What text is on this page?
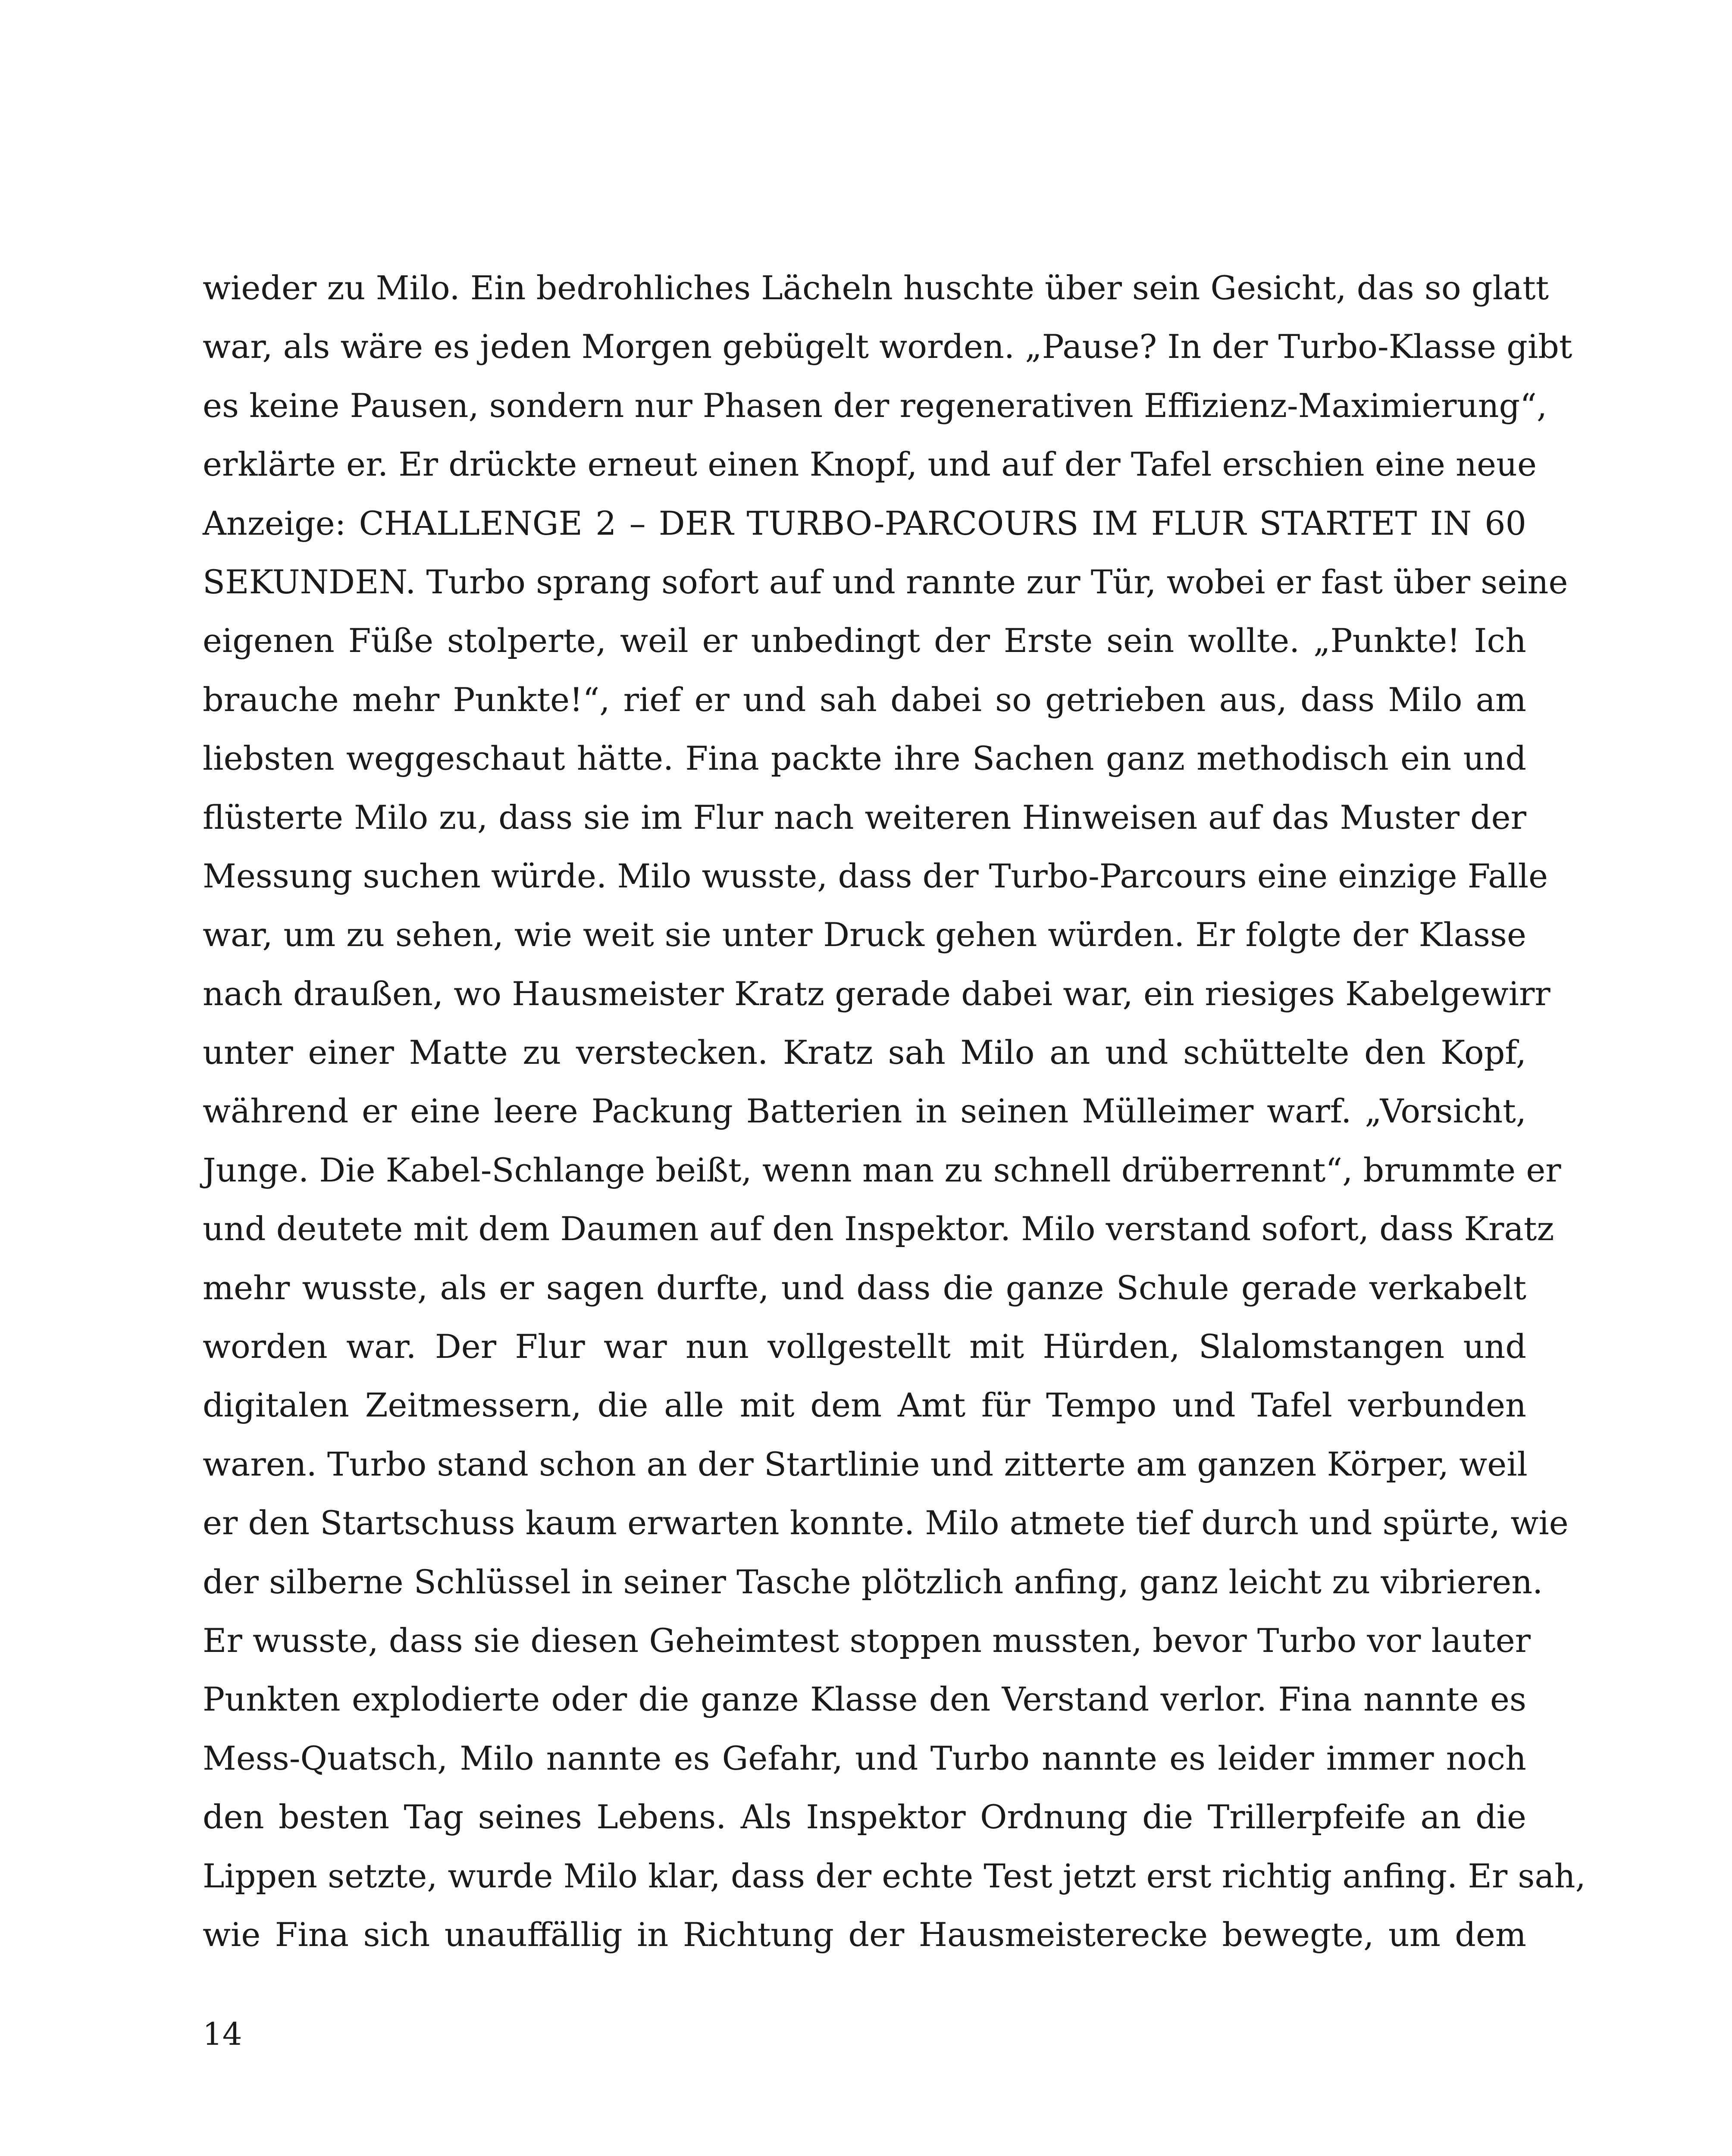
wieder zu Milo. Ein bedrohliches Lächeln huschte über sein Gesicht, das so glatt
war, als wäre es jeden Morgen gebügelt worden. „Pause? In der Turbo-Klasse gibt
es keine Pausen, sondern nur Phasen der regenerativen Effizienz-Maximierung“,
erklärte er. Er drückte erneut einen Knopf, und auf der Tafel erschien eine neue
Anzeige: CHALLENGE 2 – DER TURBO-PARCOURS IM FLUR STARTET IN 60
SEKUNDEN. Turbo sprang sofort auf und rannte zur Tür, wobei er fast über seine
eigenen Füße stolperte, weil er unbedingt der Erste sein wollte. „Punkte! Ich
brauche mehr Punkte!“, rief er und sah dabei so getrieben aus, dass Milo am
liebsten weggeschaut hätte. Fina packte ihre Sachen ganz methodisch ein und
flüsterte Milo zu, dass sie im Flur nach weiteren Hinweisen auf das Muster der
Messung suchen würde. Milo wusste, dass der Turbo-Parcours eine einzige Falle
war, um zu sehen, wie weit sie unter Druck gehen würden. Er folgte der Klasse
nach draußen, wo Hausmeister Kratz gerade dabei war, ein riesiges Kabelgewirr
unter einer Matte zu verstecken. Kratz sah Milo an und schüttelte den Kopf,
während er eine leere Packung Batterien in seinen Mülleimer warf. „Vorsicht,
Junge. Die Kabel-Schlange beißt, wenn man zu schnell drüberrennt“, brummte er
und deutete mit dem Daumen auf den Inspektor. Milo verstand sofort, dass Kratz
mehr wusste, als er sagen durfte, und dass die ganze Schule gerade verkabelt
worden war. Der Flur war nun vollgestellt mit Hürden, Slalomstangen und
digitalen Zeitmessern, die alle mit dem Amt für Tempo und Tafel verbunden
waren. Turbo stand schon an der Startlinie und zitterte am ganzen Körper, weil
er den Startschuss kaum erwarten konnte. Milo atmete tief durch und spürte, wie
der silberne Schlüssel in seiner Tasche plötzlich anfing, ganz leicht zu vibrieren.
Er wusste, dass sie diesen Geheimtest stoppen mussten, bevor Turbo vor lauter
Punkten explodierte oder die ganze Klasse den Verstand verlor. Fina nannte es
Mess-Quatsch, Milo nannte es Gefahr, und Turbo nannte es leider immer noch
den besten Tag seines Lebens. Als Inspektor Ordnung die Trillerpfeife an die
Lippen setzte, wurde Milo klar, dass der echte Test jetzt erst richtig anfing. Er sah,
wie Fina sich unauffällig in Richtung der Hausmeisterecke bewegte, um dem

14
